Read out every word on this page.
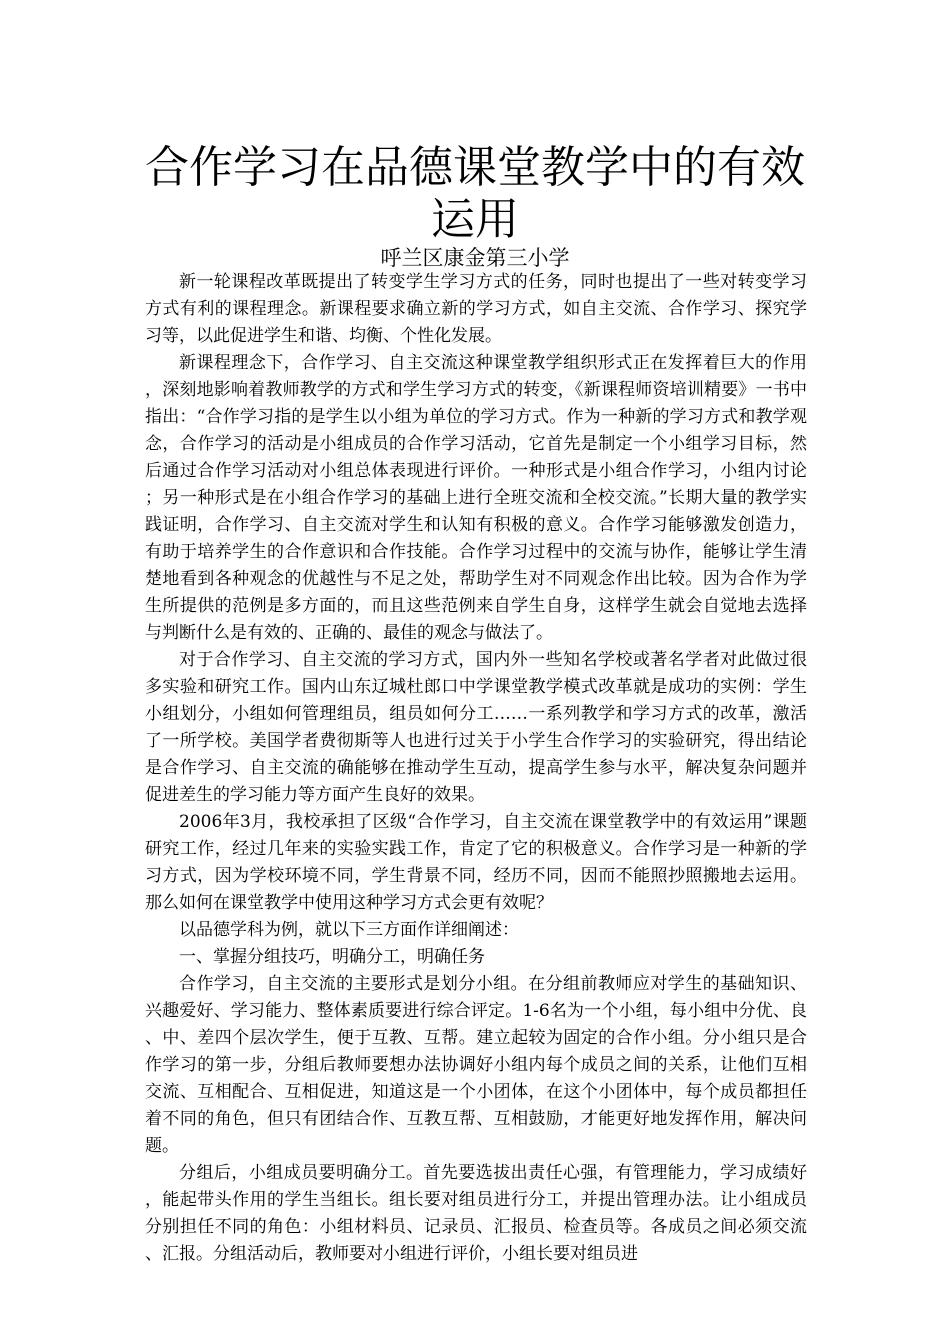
合作学习在品德课堂教学中的有效运用
呼兰区康金第三小学

新一轮课程改革既提出了转变学生学习方式的任务，同时也提出了一些对转变学习方式有利的课程理念。新课程要求确立新的学习方式，如自主交流、合作学习、探究学习等，以此促进学生和谐、均衡、个性化发展。

新课程理念下，合作学习、自主交流这种课堂教学组织形式正在发挥着巨大的作用，深刻地影响着教师教学的方式和学生学习方式的转变，《新课程师资培训精要》一书中指出：“合作学习指的是学生以小组为单位的学习方式。作为一种新的学习方式和教学观念，合作学习的活动是小组成员的合作学习活动，它首先是制定一个小组学习目标，然后通过合作学习活动对小组总体表现进行评价。一种形式是小组合作学习，小组内讨论；另一种形式是在小组合作学习的基础上进行全班交流和全校交流。”长期大量的教学实践证明，合作学习、自主交流对学生和认知有积极的意义。合作学习能够激发创造力，有助于培养学生的合作意识和合作技能。合作学习过程中的交流与协作，能够让学生清楚地看到各种观念的优越性与不足之处，帮助学生对不同观念作出比较。因为合作为学生所提供的范例是多方面的，而且这些范例来自学生自身，这样学生就会自觉地去选择与判断什么是有效的、正确的、最佳的观念与做法了。

对于合作学习、自主交流的学习方式，国内外一些知名学校或著名学者对此做过很多实验和研究工作。国内山东辽城杜郎口中学课堂教学模式改革就是成功的实例：学生小组划分，小组如何管理组员，组员如何分工……一系列教学和学习方式的改革，激活了一所学校。美国学者费彻斯等人也进行过关于小学生合作学习的实验研究，得出结论是合作学习、自主交流的确能够在推动学生互动，提高学生参与水平，解决复杂问题并促进差生的学习能力等方面产生良好的效果。

2006年3月，我校承担了区级“合作学习，自主交流在课堂教学中的有效运用”课题研究工作，经过几年来的实验实践工作，肯定了它的积极意义。合作学习是一种新的学习方式，因为学校环境不同，学生背景不同，经历不同，因而不能照抄照搬地去运用。那么如何在课堂教学中使用这种学习方式会更有效呢？

以品德学科为例，就以下三方面作详细阐述：

一、掌握分组技巧，明确分工，明确任务

合作学习，自主交流的主要形式是划分小组。在分组前教师应对学生的基础知识、兴趣爱好、学习能力、整体素质要进行综合评定。1-6名为一个小组，每小组中分优、良、中、差四个层次学生，便于互教、互帮。建立起较为固定的合作小组。分小组只是合作学习的第一步，分组后教师要想办法协调好小组内每个成员之间的关系，让他们互相交流、互相配合、互相促进，知道这是一个小团体，在这个小团体中，每个成员都担任着不同的角色，但只有团结合作、互教互帮、互相鼓励，才能更好地发挥作用，解决问题。

分组后，小组成员要明确分工。首先要选拔出责任心强，有管理能力，学习成绩好，能起带头作用的学生当组长。组长要对组员进行分工，并提出管理办法。让小组成员分别担任不同的角色：小组材料员、记录员、汇报员、检查员等。各成员之间必须交流、汇报。分组活动后，教师要对小组进行评价，小组长要对组员进
